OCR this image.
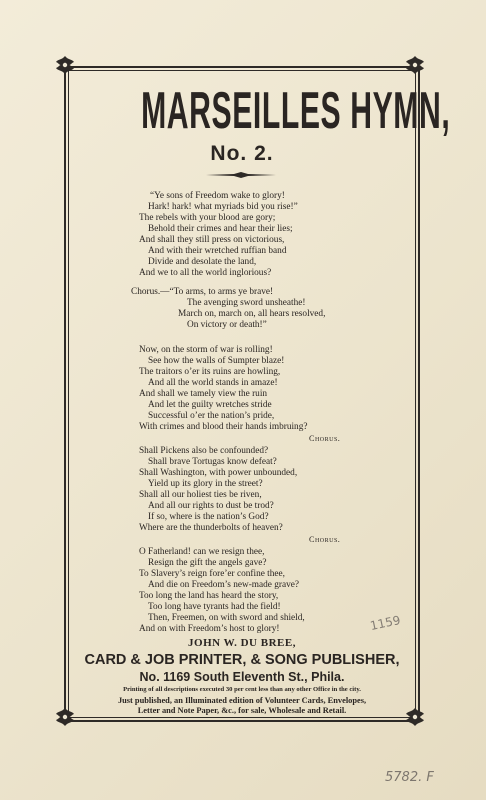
MARSEILLES HYMN,
No. 2.
“Ye sons of Freedom wake to glory!
Hark! hark! what myriads bid you rise!”
The rebels with your blood are gory;
Behold their crimes and hear their lies;
And shall they still press on victorious,
And with their wretched ruffian band
Divide and desolate the land,
And we to all the world inglorious?
Chorus.—“To arms, to arms ye brave!
The avenging sword unsheathe!
March on, march on, all hears resolved,
On victory or death!”
Now, on the storm of war is rolling!
See how the walls of Sumpter blaze!
The traitors o’er its ruins are howling,
And all the world stands in amaze!
And shall we tamely view the ruin
And let the guilty wretches stride
Successful o’er the nation’s pride,
With crimes and blood their hands imbruing?
Chorus.
Shall Pickens also be confounded?
Shall brave Tortugas know defeat?
Shall Washington, with power unbounded,
Yield up its glory in the street?
Shall all our holiest ties be riven,
And all our rights to dust be trod?
If so, where is the nation’s God?
Where are the thunderbolts of heaven?
Chorus.
O Fatherland! can we resign thee,
Resign the gift the angels gave?
To Slavery’s reign fore’er confine thee,
And die on Freedom’s new-made grave?
Too long the land has heard the story,
Too long have tyrants had the field!
Then, Freemen, on with sword and shield,
And on with Freedom’s host to glory!
JOHN W. DU BREE,
CARD & JOB PRINTER, & SONG PUBLISHER,
No. 1169 South Eleventh St., Phila.
Printing of all descriptions executed 30 per cent less than any other Office in the city.
Just published, an Illuminated edition of Volunteer Cards, Envelopes,
Letter and Note Paper, &c., for sale, Wholesale and Retail.
1159
5782. F
